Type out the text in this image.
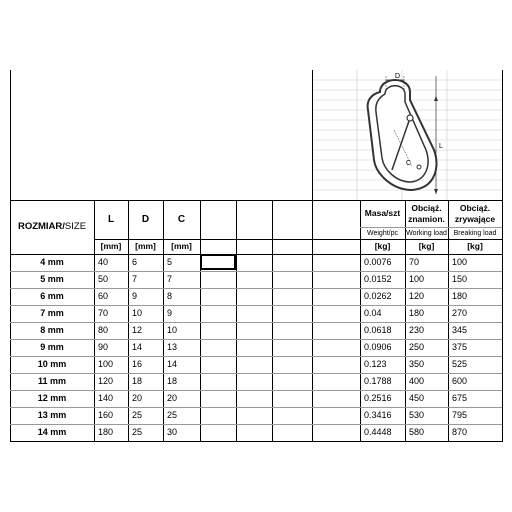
D
L
C
ROZMIAR/ SIZE
L	D	C
[mm]	[mm]	[mm]
Masa/szt
Obciąż.
znamion.
Obciąż.
zrywające
Weight/pc	Working load Breaking load
[kg]	[kg]	[kg]
4 mm	40	6	5	0.0076	70	100
5 mm	50	7	7	0.0152	100	150
6 mm	60	9	8	0.0262	120	180
7 mm	70	10	9	0.04	180	270
8 mm	80	12	10	0.0618	230	345
9 mm	90	14	13	0.0906	250	375
10 mm	100	16	14	0.123	350	525
11 mm	120	18	18	0.1788	400	600
12 mm	140	20	20	0.2516	450	675
13 mm	160	25	25	0.3416	530	795
14 mm	180	25	30	0.4448	580	870
